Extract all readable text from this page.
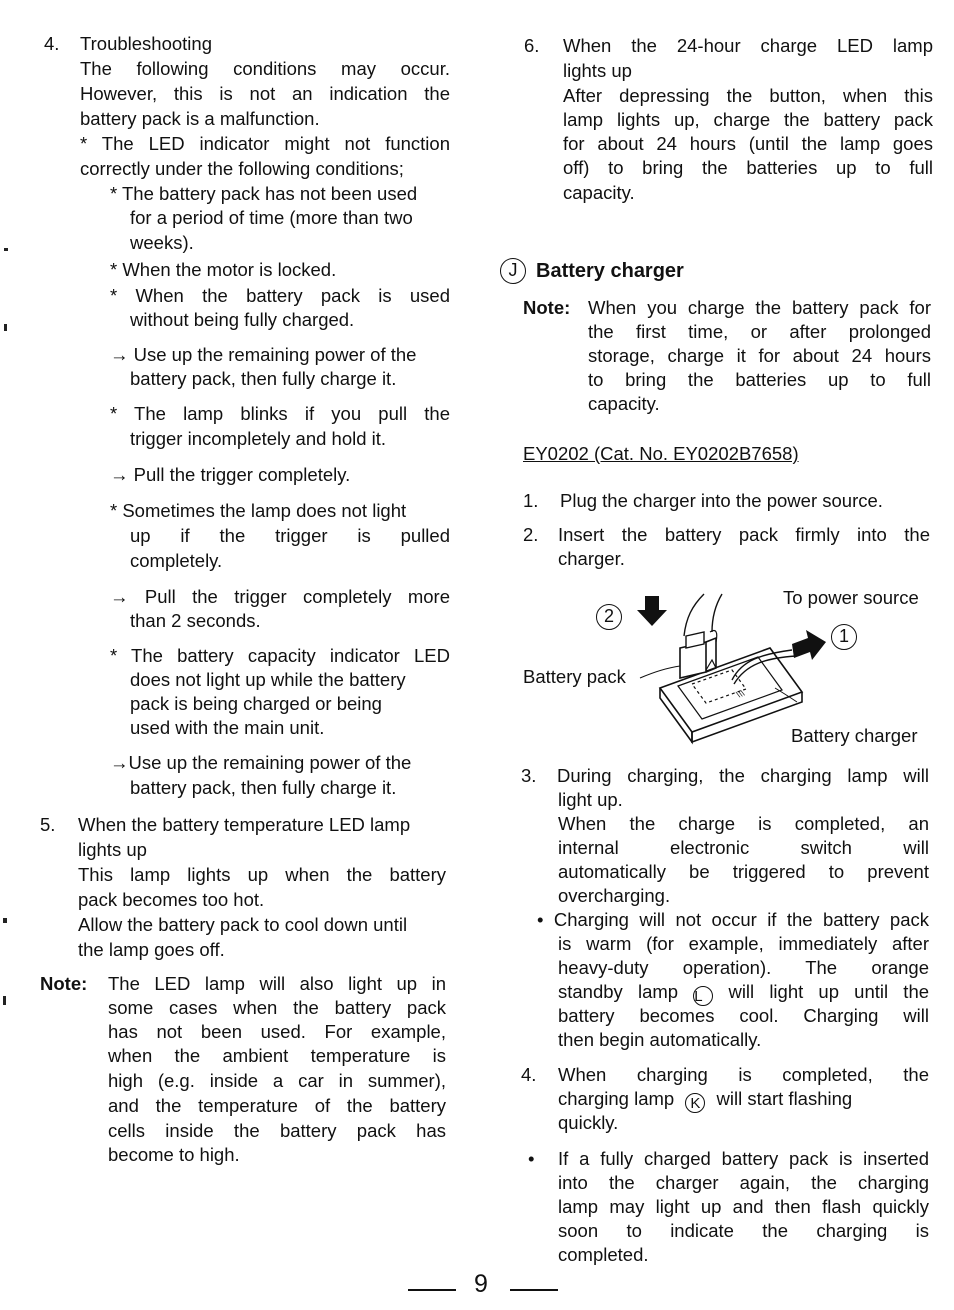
4. Troubleshooting
The following conditions may occur.
However, this is not an indication the
battery pack is a malfunction.
* The LED indicator might not function
correctly under the following conditions;
* The battery pack has not been used
for a period of time (more than two
weeks).
* When the motor is locked.
* When the battery pack is used
without being fully charged.
→ Use up the remaining power of the
battery pack, then fully charge it.
* The lamp blinks if you pull the
trigger incompletely and hold it.
→ Pull the trigger completely.
* Sometimes the lamp does not light
up if the trigger is pulled
completely.
→ Pull the trigger completely more
than 2 seconds.
* The battery capacity indicator LED
does not light up while the battery
pack is being charged or being
used with the main unit.
→Use up the remaining power of the
battery pack, then fully charge it.
5. When the battery temperature LED lamp
lights up
This lamp lights up when the battery
pack becomes too hot.
Allow the battery pack to cool down until
the lamp goes off.
Note: The LED lamp will also light up in
some cases when the battery pack
has not been used. For example,
when the ambient temperature is
high (e.g. inside a car in summer),
and the temperature of the battery
cells inside the battery pack has
become to high.
6. When the 24-hour charge LED lamp
lights up
After depressing the button, when this
lamp lights up, charge the battery pack
for about 24 hours (until the lamp goes
off) to bring the batteries up to full
capacity.
J Battery charger
Note: When you charge the battery pack for
the first time, or after prolonged
storage, charge it for about 24 hours
to bring the batteries up to full
capacity.
EY0202 (Cat. No. EY0202B7658)
1. Plug the charger into the power source.
2. Insert the battery pack firmly into the
charger.
To power source
Battery pack
Battery charger
2
1
\\\
3. During charging, the charging lamp will
light up.
When the charge is completed, an
internal electronic switch will
automatically be triggered to prevent
overcharging.
• Charging will not occur if the battery pack
is warm (for example, immediately after
heavy-duty operation). The orange
standby lamp L will light up until the
battery becomes cool. Charging will
then begin automatically.
4. When charging is completed, the
charging lamp K will start flashing
quickly.
• If a fully charged battery pack is inserted
into the charger again, the charging
lamp may light up and then flash quickly
soon to indicate the charging is
completed.
9
